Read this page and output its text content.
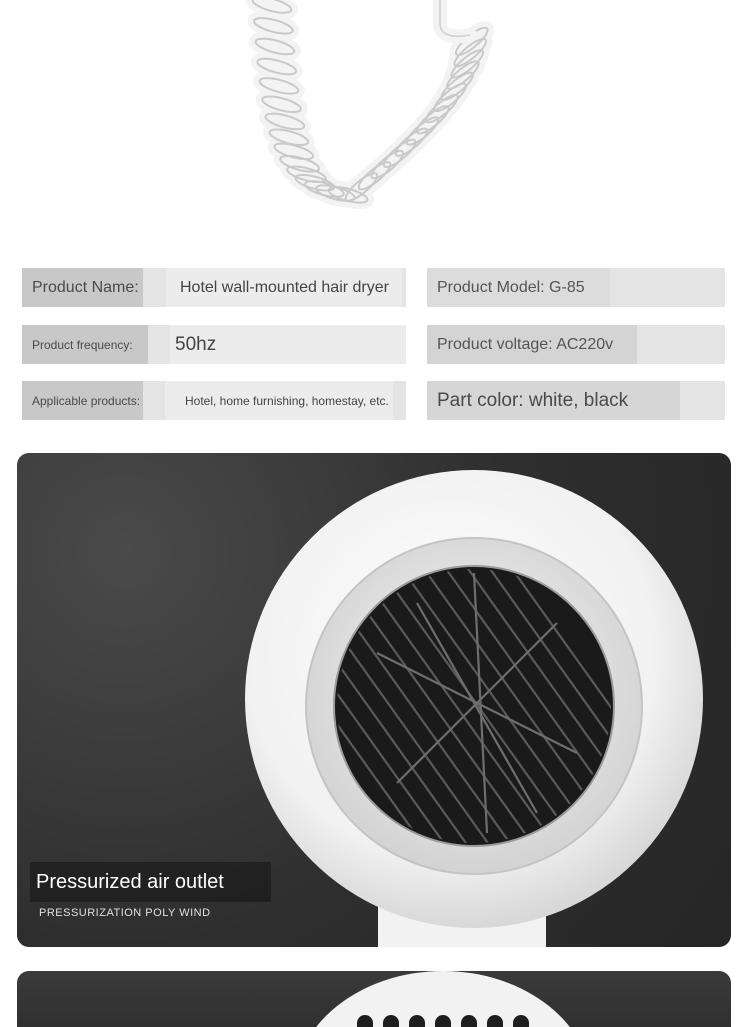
Product Name:	Hotel wall-mounted hair dryer	Product Model: G-85
Product frequency:	50hz	Product voltage: AC220v
Applicable products:	Hotel, home furnishing, homestay, etc.	Part color: white, black
Pressurized air outlet
PRESSURIZATION POLY WIND
